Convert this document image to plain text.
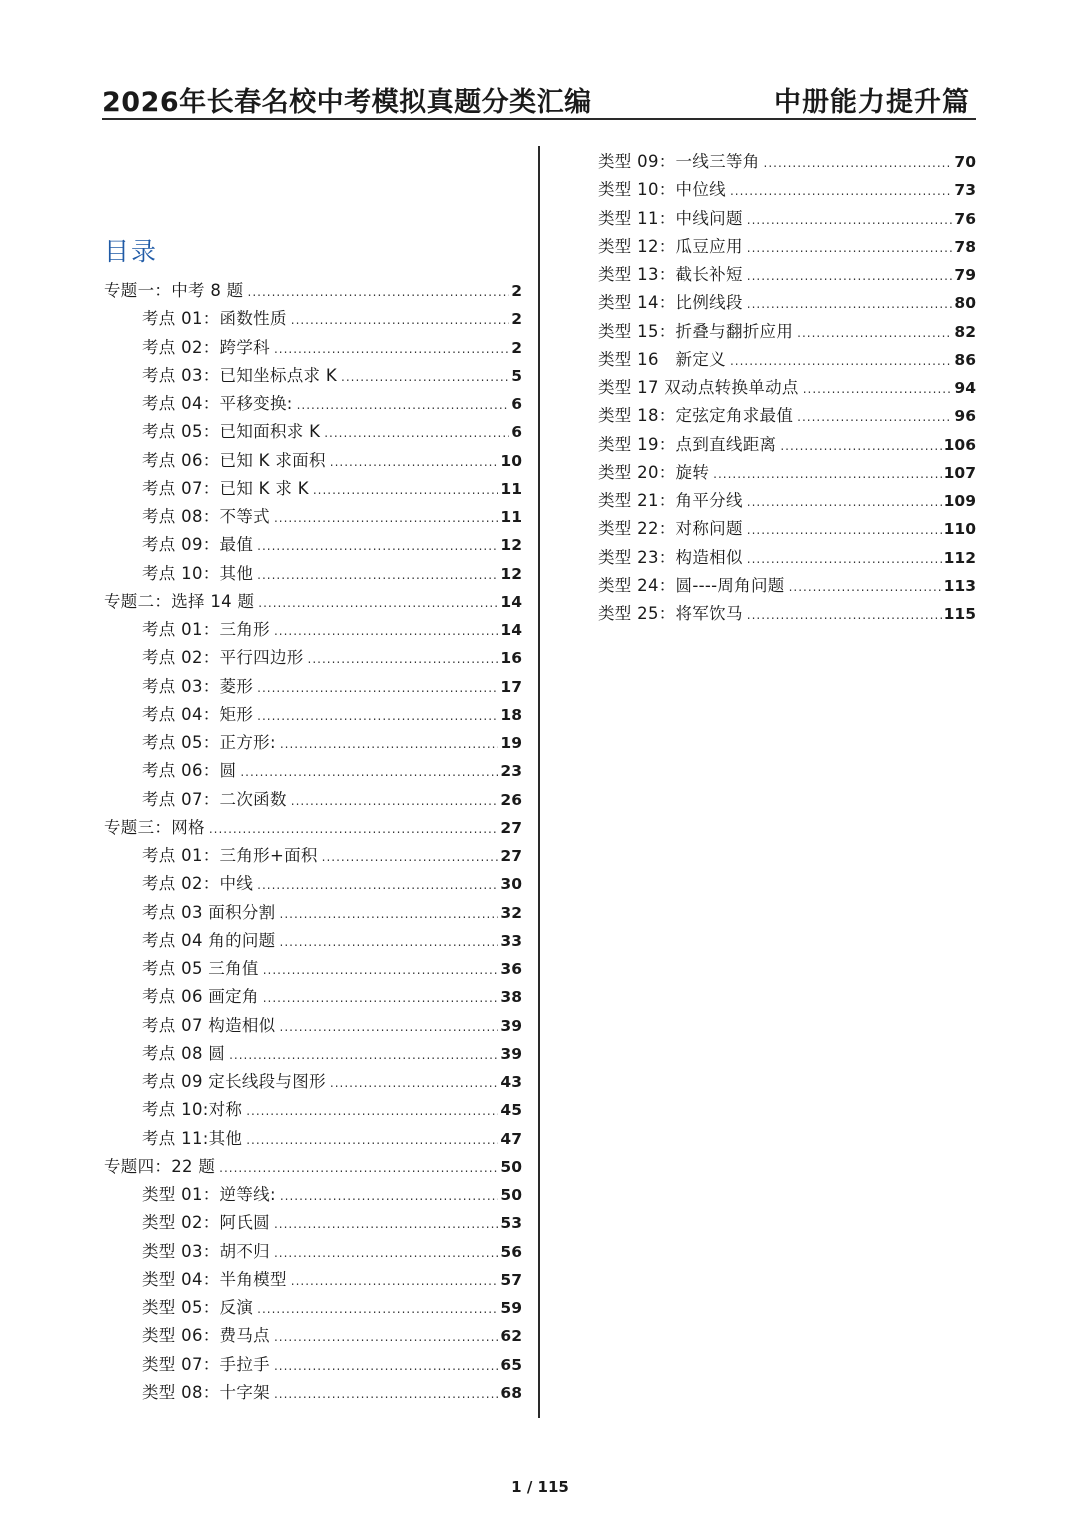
2026年长春名校中考模拟真题分类汇编	中册能力提升篇
目录
专题一：中考 8 题 .....	2
考点 01：函数性质 .....	2
考点 02：跨学科 .....	2
考点 03：已知坐标点求 K .....	5
考点 04：平移变换: .....	6
考点 05：已知面积求 K .....	6
考点 06：已知 K 求面积 .....	10
考点 07：已知 K 求 K .....	11
考点 08：不等式 .....	11
考点 09：最值 .....	12
考点 10：其他 .....	12
专题二：选择 14 题 .....	14
考点 01：三角形 .....	14
考点 02：平行四边形 .....	16
考点 03：菱形 .....	17
考点 04：矩形 .....	18
考点 05：正方形: .....	19
考点 06：圆 .....	23
考点 07：二次函数 .....	26
专题三：网格 .....	27
考点 01：三角形+面积 .....	27
考点 02：中线 .....	30
考点 03 面积分割 .....	32
考点 04 角的问题 .....	33
考点 05 三角值 .....	36
考点 06 画定角 .....	38
考点 07 构造相似 .....	39
考点 08 圆 .....	39
考点 09 定长线段与图形 .....	43
考点 10:对称 .....	45
考点 11:其他 .....	47
专题四：22 题 .....	50
类型 01：逆等线: .....	50
类型 02：阿氏圆 .....	53
类型 03：胡不归 .....	56
类型 04：半角模型 .....	57
类型 05：反演 .....	59
类型 06：费马点 .....	62
类型 07：手拉手 .....	65
类型 08：十字架 .....	68
类型 09：一线三等角 .....	70
类型 10：中位线 .....	73
类型 11：中线问题 .....	76
类型 12：瓜豆应用 .....	78
类型 13：截长补短 .....	79
类型 14：比例线段 .....	80
类型 15：折叠与翻折应用 .....	82
类型 16　新定义 .....	86
类型 17 双动点转换单动点 .....	94
类型 18：定弦定角求最值 .....	96
类型 19：点到直线距离 .....	106
类型 20：旋转 .....	107
类型 21：角平分线 .....	109
类型 22：对称问题 .....	110
类型 23：构造相似 .....	112
类型 24：圆----周角问题 .....	113
类型 25：将军饮马 .....	115
1 / 115
